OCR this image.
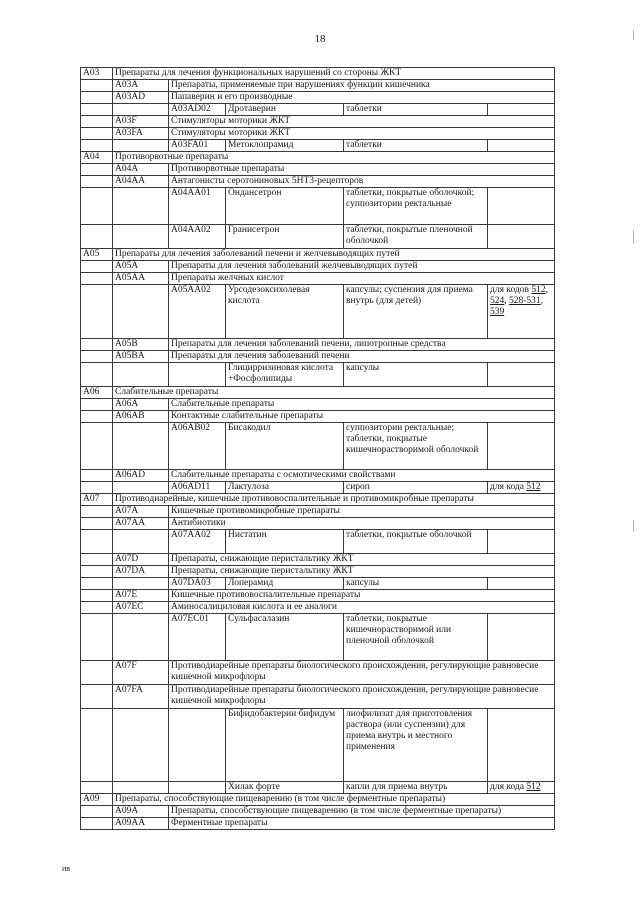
18
A03	Препараты для лечения функциональных нарушений со стороны ЖКТ				
	A03A	Препараты, применяемые при нарушениях функции кишечника			
	A03AD	Папаверин и его производные			
		A03AD02	Дротаверин	таблетки	
	A03F	Стимуляторы моторики ЖКТ			
	A03FA	Стимуляторы моторики ЖКТ			
		A03FA01	Метоклопрамид	таблетки	
A04	Противорвотные препараты				
	A04A	Противорвотные препараты			
	A04AA	Антагонисты серотониновых 5НТ3-рецепторов			
		A04AA01	Ондансетрон	таблетки, покрытые оболочкой; суппозитории ректальные	
		A04AA02	Гранисетрон	таблетки, покрытые пленочной оболочкой	
A05	Препараты для лечения заболеваний печени и желчевыводящих путей				
	A05A	Препараты для лечения заболеваний желчевыводящих путей			
	A05AA	Препараты желчных кислот			
		A05AA02	Урсодезоксихолевая кислота	капсулы; суспензия для приема внутрь (для детей)	для кодов 512, 524, 528-531, 539
	A05B	Препараты для лечения заболеваний печени, липотропные средства			
	A05BA	Препараты для лечения заболеваний печени			
			Глицирризиновая кислота +Фосфолипиды	капсулы	
A06	Слабительные препараты				
	A06A	Слабительные препараты			
	A06AB	Контактные слабительные препараты			
		A06AB02	Бисакодил	суппозитории ректальные; таблетки, покрытые кишечнорастворимой оболочкой	
	A06AD	Слабительные препараты с осмотическими свойствами			
		A06AD11	Лактулоза	сироп	для кода 512
A07	Противодиарейные, кишечные противовоспалительные и противомикробные препараты				
	A07A	Кишечные противомикробные препараты			
	A07AA	Антибиотики			
		A07AA02	Нистатин	таблетки, покрытые оболочкой	
	A07D	Препараты, снижающие перистальтику ЖКТ			
	A07DA	Препараты, снижающие перистальтику ЖКТ			
		A07DA03	Лоперамид	капсулы	
	A07E	Кишечные противовоспалительные препараты			
	A07EC	Аминосалициловая кислота и ее аналоги			
		A07EC01	Сульфасалазин	таблетки, покрытые кишечнорастворимой или пленочной оболочкой	
	A07F	Противодиарейные препараты биологического происхождения, регулирующие равновесие кишечной микрофлоры			
	A07FA	Противодиарейные препараты биологического происхождения, регулирующие равновесие кишечной микрофлоры			
			Бифидобактерии бифидум	лиофилизат для приготовления раствора (или суспензии) для приема внутрь и местного применения	
			Хилак форте	капли для приема внутрь	для кода 512
A09	Препараты, способствующие пищеварению (в том числе ферментные препараты)				
	A09A	Препараты, способствующие пищеварению (в том числе ферментные препараты)			
	A09AA	Ферментные препараты			
ив
